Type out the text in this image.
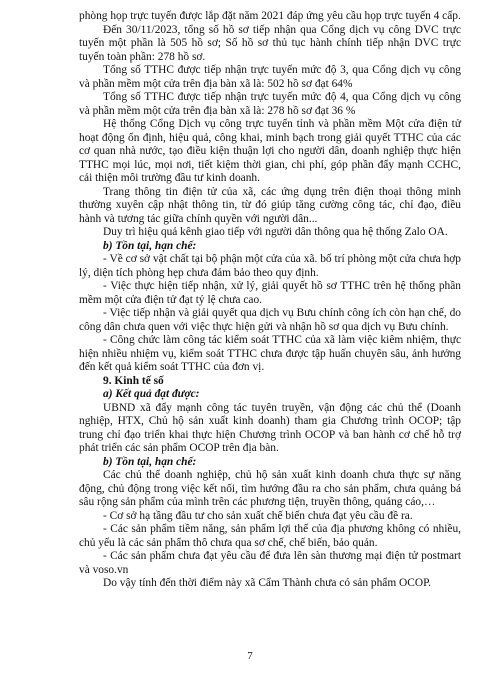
phòng họp trực tuyến được lắp đặt năm 2021 đáp ứng yêu cầu họp trực tuyến 4 cấp.

Đến 30/11/2023, tổng số hồ sơ tiếp nhận qua Cổng dịch vụ công DVC trực tuyến một phần là 505 hồ sơ; Số hồ sơ thủ tục hành chính tiếp nhận DVC trực tuyến toàn phần: 278 hồ sơ.

Tổng số TTHC được tiếp nhận trực tuyến mức độ 3, qua Cổng dịch vụ công và phần mềm một cửa trên địa bàn xã là: 502 hồ sơ đạt 64%

Tổng số TTHC được tiếp nhận trực tuyến mức độ 4, qua Cổng dịch vụ công và phần mềm một cửa trên địa bàn xã là: 278 hồ sơ đạt 36 %

Hệ thống Cổng Dịch vụ công trực tuyến tỉnh và phần mềm Một cửa điện tử hoạt động ổn định, hiệu quả, công khai, minh bạch trong giải quyết TTHC của các cơ quan nhà nước, tạo điều kiện thuận lợi cho người dân, doanh nghiệp thực hiện TTHC mọi lúc, mọi nơi, tiết kiệm thời gian, chi phí, góp phần đẩy mạnh CCHC, cải thiện môi trường đầu tư kinh doanh.

Trang thông tin điện tử của xã, các ứng dụng trên điện thoại thông minh thường xuyên cập nhật thông tin, từ đó giúp tăng cường công tác, chỉ đạo, điều hành và tương tác giữa chính quyền với người dân...

Duy trì hiệu quả kênh giao tiếp với người dân thông qua hệ thống Zalo OA.

b) Tồn tại, hạn chế:

- Về cơ sở vật chất tại bộ phận một cửa của xã. bố trí phòng một cửa chưa hợp lý, diện tích phòng hẹp chưa đảm bảo theo quy định.

- Việc thực hiện tiếp nhận, xử lý, giải quyết hồ sơ TTHC trên hệ thống phần mềm một cửa điện tử đạt tỷ lệ chưa cao.

- Việc tiếp nhận và giải quyết qua dịch vụ Bưu chính công ích còn hạn chế, do công dân chưa quen với việc thực hiện gửi và nhận hồ sơ qua dịch vụ Bưu chính.

- Công chức làm công tác kiểm soát TTHC của xã làm việc kiêm nhiệm, thực hiện nhiều nhiệm vụ, kiểm soát TTHC chưa được tập huấn chuyên sâu, ảnh hưởng đến kết quả kiểm soát TTHC của đơn vị.

9. Kinh tế số

a) Kết quả đạt được:

UBND xã đẩy mạnh công tác tuyên truyền, vận động các chủ thể (Doanh nghiệp, HTX, Chủ hộ sản xuất kinh doanh) tham gia Chương trình OCOP; tập trung chỉ đạo triển khai thực hiện Chương trình OCOP và ban hành cơ chế hỗ trợ phát triển các sản phẩm OCOP trên địa bàn.

b) Tồn tại, hạn chế:

Các chủ thể doanh nghiệp, chủ hộ sản xuất kinh doanh chưa thực sự năng động, chủ động trong việc kết nối, tìm hướng đầu ra cho sản phẩm, chưa quảng bá sâu rộng sản phẩm của mình trên các phương tiện, truyền thông, quảng cáo,…

- Cơ sở hạ tầng đầu tư cho sản xuất chế biến chưa đạt yêu cầu đề ra.

- Các sản phẩm tiềm năng, sản phẩm lợi thế của địa phương không có nhiều, chủ yếu là các sản phẩm thô chưa qua sơ chế, chế biến, bảo quản.

- Các sản phẩm chưa đạt yêu cầu để đưa lên sàn thương mại điện tử postmart và voso.vn

Do vậy tính đến thời điểm này xã Cẩm Thành chưa có sản phẩm OCOP.

7
